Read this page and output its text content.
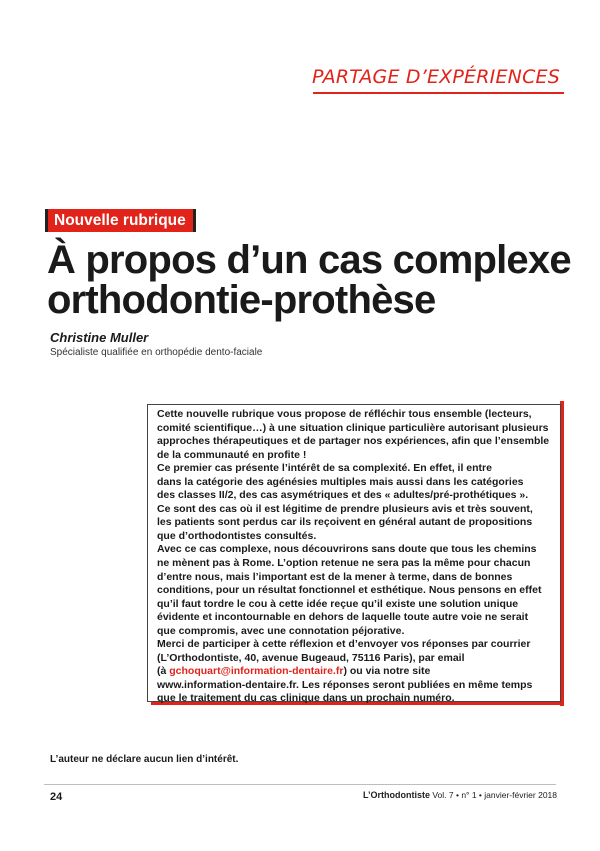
PARTAGE D’EXPÉRIENCES
Nouvelle rubrique
À propos d’un cas complexe
orthodontie-prothèse
Christine Muller
Spécialiste qualifiée en orthopédie dento-faciale
Cette nouvelle rubrique vous propose de réfléchir tous ensemble (lecteurs,
comité scientifique…) à une situation clinique particulière autorisant plusieurs
approches thérapeutiques et de partager nos expériences, afin que l’ensemble
de la communauté en profite !
Ce premier cas présente l’intérêt de sa complexité. En effet, il entre
dans la catégorie des agénésies multiples mais aussi dans les catégories
des classes II/2, des cas asymétriques et des « adultes/pré-prothétiques ».
Ce sont des cas où il est légitime de prendre plusieurs avis et très souvent,
les patients sont perdus car ils reçoivent en général autant de propositions
que d’orthodontistes consultés.
Avec ce cas complexe, nous découvrirons sans doute que tous les chemins
ne mènent pas à Rome. L’option retenue ne sera pas la même pour chacun
d’entre nous, mais l’important est de la mener à terme, dans de bonnes
conditions, pour un résultat fonctionnel et esthétique. Nous pensons en effet
qu’il faut tordre le cou à cette idée reçue qu’il existe une solution unique
évidente et incontournable en dehors de laquelle toute autre voie ne serait
que compromis, avec une connotation péjorative.
Merci de participer à cette réflexion et d’envoyer vos réponses par courrier
(L’Orthodontiste, 40, avenue Bugeaud, 75116 Paris), par email
(à gchoquart@information-dentaire.fr) ou via notre site
www.information-dentaire.fr. Les réponses seront publiées en même temps
que le traitement du cas clinique dans un prochain numéro.
L’auteur ne déclare aucun lien d’intérêt.
24	L’Orthodontiste Vol. 7 • n° 1 • janvier-février 2018
